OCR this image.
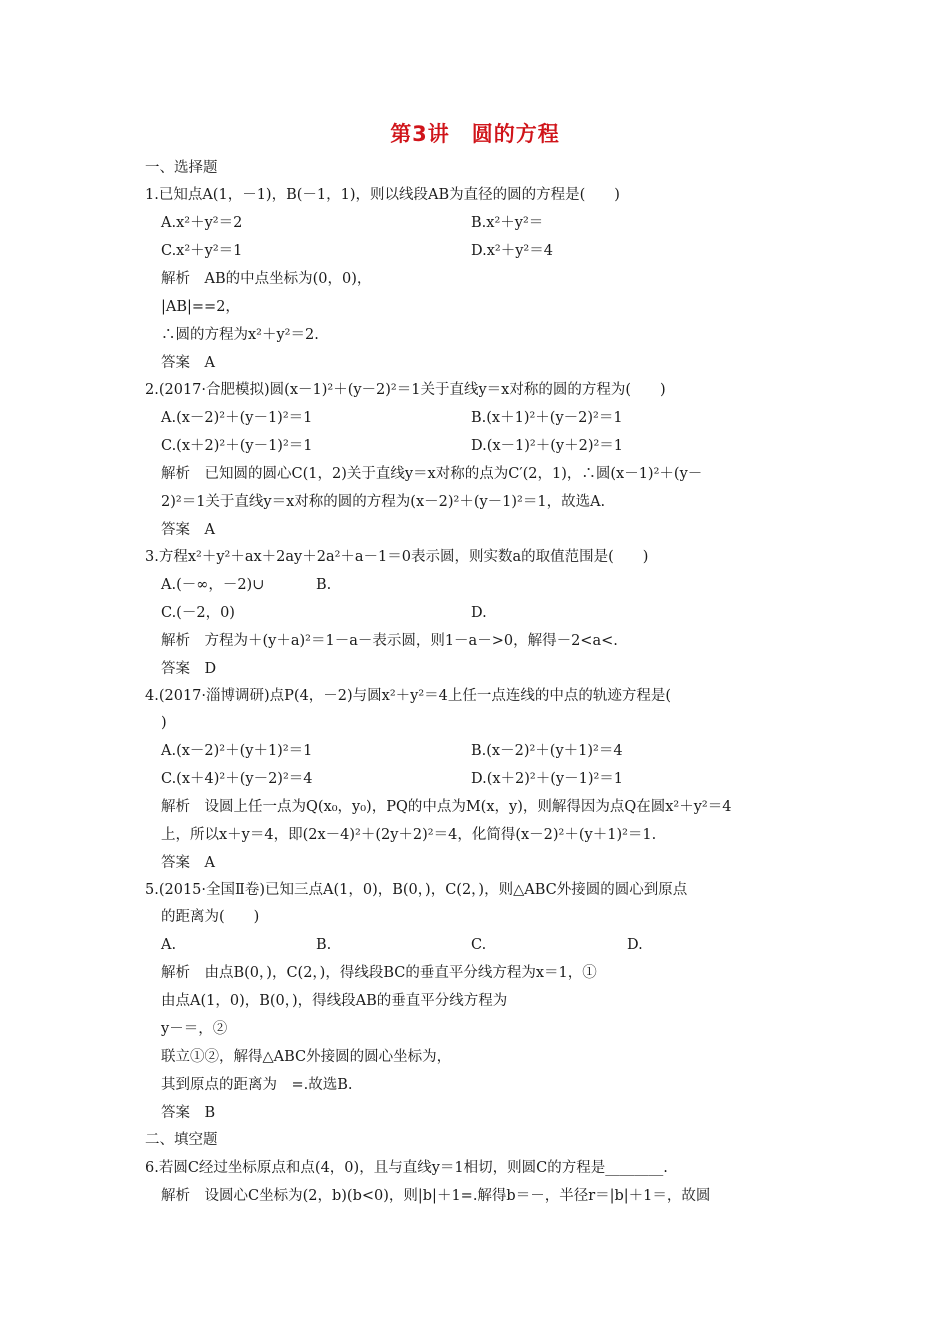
第3讲　圆的方程
一、选择题
1.已知点A(1，－1)，B(－1，1)，则以线段AB为直径的圆的方程是(　　)
A.x²＋y²＝2	B.x²＋y²＝
C.x²＋y²＝1	D.x²＋y²＝4
解析　AB的中点坐标为(0，0)，
|AB|==2，
∴圆的方程为x²＋y²＝2.
答案　A
2.(2017·合肥模拟)圆(x－1)²＋(y－2)²＝1关于直线y＝x对称的圆的方程为(　　)
A.(x－2)²＋(y－1)²＝1	B.(x＋1)²＋(y－2)²＝1
C.(x＋2)²＋(y－1)²＝1	D.(x－1)²＋(y＋2)²＝1
解析　已知圆的圆心C(1，2)关于直线y＝x对称的点为C′(2，1)，∴圆(x－1)²＋(y－
2)²＝1关于直线y＝x对称的圆的方程为(x－2)²＋(y－1)²＝1，故选A.
答案　A
3.方程x²＋y²＋ax＋2ay＋2a²＋a－1＝0表示圆，则实数a的取值范围是(　　)
A.(－∞，－2)∪	B.
C.(－2，0)	D.
解析　方程为＋(y＋a)²＝1－a－表示圆，则1－a－>0，解得－2<a<.
答案　D
4.(2017·淄博调研)点P(4，－2)与圆x²＋y²＝4上任一点连线的中点的轨迹方程是(
)
A.(x－2)²＋(y＋1)²＝1	B.(x－2)²＋(y＋1)²＝4
C.(x＋4)²＋(y－2)²＝4	D.(x＋2)²＋(y－1)²＝1
解析　设圆上任一点为Q(x₀，y₀)，PQ的中点为M(x，y)，则解得因为点Q在圆x²＋y²＝4
上，所以x＋y＝4，即(2x－4)²＋(2y＋2)²＝4，化简得(x－2)²＋(y＋1)²＝1.
答案　A
5.(2015·全国Ⅱ卷)已知三点A(1，0)，B(0，)，C(2，)，则△ABC外接圆的圆心到原点
的距离为(　　)
A.	B.	C.	D.
解析　由点B(0，)，C(2，)，得线段BC的垂直平分线方程为x＝1，①
由点A(1，0)，B(0，)，得线段AB的垂直平分线方程为
y－＝，②
联立①②，解得△ABC外接圆的圆心坐标为，
其到原点的距离为　=.故选B.
答案　B
二、填空题
6.若圆C经过坐标原点和点(4，0)，且与直线y＝1相切，则圆C的方程是________.
解析　设圆心C坐标为(2，b)(b<0)，则|b|＋1=.解得b＝－，半径r＝|b|＋1＝，故圆
